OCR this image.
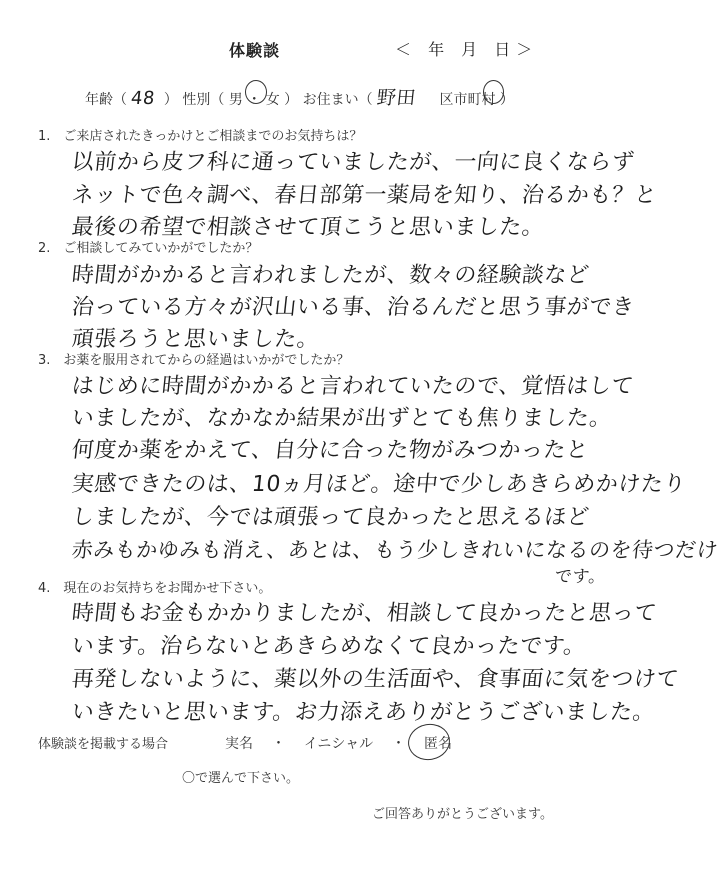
体験談	＜ 年 月 日＞
年齢（ 48 ） 性別（ 男 ・ 女 ） お住まい（ 野田 区市町村 ）
1.　ご来店されたきっかけとご相談までのお気持ちは？
以前から皮フ科に通っていましたが、一向に良くならず
ネットで色々調べ、春日部第一薬局を知り、治るかも？と
最後の希望で相談させて頂こうと思いました。
2.　ご相談してみていかがでしたか？
時間がかかると言われましたが、数々の経験談など
治っている方々が沢山いる事、治るんだと思う事ができ
頑張ろうと思いました。
3.　お薬を服用されてからの経過はいかがでしたか？
はじめに時間がかかると言われていたので、覚悟はして
いましたが、なかなか結果が出ずとても焦りました。
何度か薬をかえて、自分に合った物がみつかったと
実感できたのは、10ヵ月ほど。途中で少しあきらめかけたり
しましたが、今では頑張って良かったと思えるほど
赤みもかゆみも消え、あとは、もう少しきれいになるのを待つだけ
です。
4.　現在のお気持ちをお聞かせ下さい。
時間もお金もかかりましたが、相談して良かったと思って
います。治らないとあきらめなくて良かったです。
再発しないように、薬以外の生活面や、食事面に気をつけて
いきたいと思います。お力添えありがとうございました。
体験談を掲載する場合	実名 ・ イニシャル ・ 匿名
〇で選んで下さい。
ご回答ありがとうございます。
